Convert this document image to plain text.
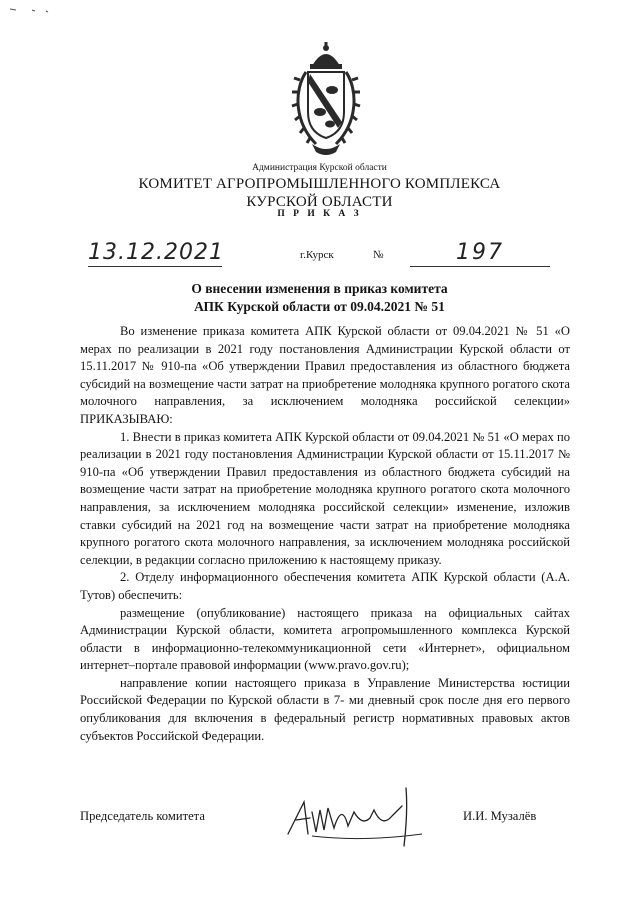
Администрация Курской области
КОМИТЕТ АГРОПРОМЫШЛЕННОГО КОМПЛЕКСА
КУРСКОЙ ОБЛАСТИ
П Р И К А З
13.12.2021	г.Курск	№	197
О внесении изменения в приказ комитета
АПК Курской области от 09.04.2021 № 51

Во изменение приказа комитета АПК Курской области от 09.04.2021 № 51 «О мерах по реализации в 2021 году постановления Администрации Курской области от 15.11.2017 № 910-па «Об утверждении Правил предоставления из областного бюджета субсидий на возмещение части затрат на приобретение молодняка крупного рогатого скота молочного направления, за исключением молодняка российской селекции» ПРИКАЗЫВАЮ:

1. Внести в приказ комитета АПК Курской области от 09.04.2021 № 51 «О мерах по реализации в 2021 году постановления Администрации Курской области от 15.11.2017 № 910-па «Об утверждении Правил предоставления из областного бюджета субсидий на возмещение части затрат на приобретение молодняка крупного рогатого скота молочного направления, за исключением молодняка российской селекции» изменение, изложив ставки субсидий на 2021 год на возмещение части затрат на приобретение молодняка крупного рогатого скота молочного направления, за исключением молодняка российской селекции, в редакции согласно приложению к настоящему приказу.

2. Отделу информационного обеспечения комитета АПК Курской области (А.А. Тутов) обеспечить:

размещение (опубликование) настоящего приказа на официальных сайтах Администрации Курской области, комитета агропромышленного комплекса Курской области в информационно-телекоммуникационной сети «Интернет», официальном интернет–портале правовой информации (www.pravo.gov.ru);

направление копии настоящего приказа в Управление Министерства юстиции Российской Федерации по Курской области в 7- ми дневный срок после дня его первого опубликования для включения в федеральный регистр нормативных правовых актов субъектов Российской Федерации.

Председатель комитета	И.И. Музалёв
